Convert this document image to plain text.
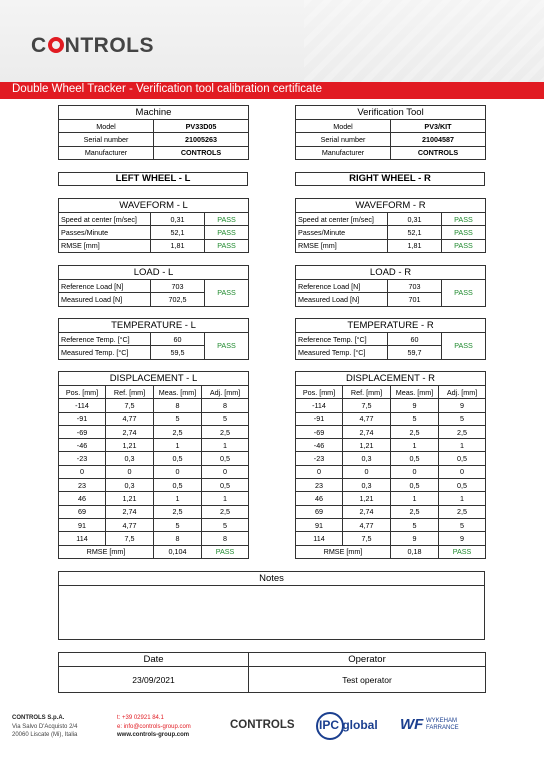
C NTROLS
Double Wheel Tracker - Verification tool calibration certificate
Machine	
Model	PV33D05
Serial number	21005263
Manufacturer	CONTROLS
Verification Tool	
Model	PV3/KIT
Serial number	21004587
Manufacturer	CONTROLS
LEFT WHEEL - L	RIGHT WHEEL - R
WAVEFORM - L		
Speed at center [m/sec]	0,31	PASS
Passes/Minute	52,1	PASS
RMSE [mm]	1,81	PASS
WAVEFORM - R		
Speed at center [m/sec]	0,31	PASS
Passes/Minute	52,1	PASS
RMSE [mm]	1,81	PASS
LOAD - L		
Reference Load [N]	703	PASS
Measured Load [N]	702,5	
LOAD - R		
Reference Load [N]	703	PASS
Measured Load [N]	701	
TEMPERATURE - L		
Reference Temp. [°C]	60	PASS
Measured Temp. [°C]	59,5	
TEMPERATURE - R		
Reference Temp. [°C]	60	PASS
Measured Temp. [°C]	59,7	
DISPLACEMENT - L			
Pos. [mm]	Ref. [mm]	Meas. [mm]	Adj. [mm]
-114	7,5	8	8
-91	4,77	5	5
-69	2,74	2,5	2,5
-46	1,21	1	1
-23	0,3	0,5	0,5
0	0	0	0
23	0,3	0,5	0,5
46	1,21	1	1
69	2,74	2,5	2,5
91	4,77	5	5
114	7,5	8	8
RMSE [mm]		0,104	PASS
DISPLACEMENT - R			
Pos. [mm]	Ref. [mm]	Meas. [mm]	Adj. [mm]
-114	7,5	9	9
-91	4,77	5	5
-69	2,74	2,5	2,5
-46	1,21	1	1
-23	0,3	0,5	0,5
0	0	0	0
23	0,3	0,5	0,5
46	1,21	1	1
69	2,74	2,5	2,5
91	4,77	5	5
114	7,5	9	9
RMSE [mm]		0,18	PASS
Notes
Date	Operator
23/09/2021	Test operator
CONTROLS S.p.A.
Via Salvo D'Acquisto 2/4
20060 Liscate (Mi), Italia
t: +39 02921 84.1
e: info@controls-group.com
www.controls-group.com
CONTROLS IPC global WF WYKEHAM FARRANCE
